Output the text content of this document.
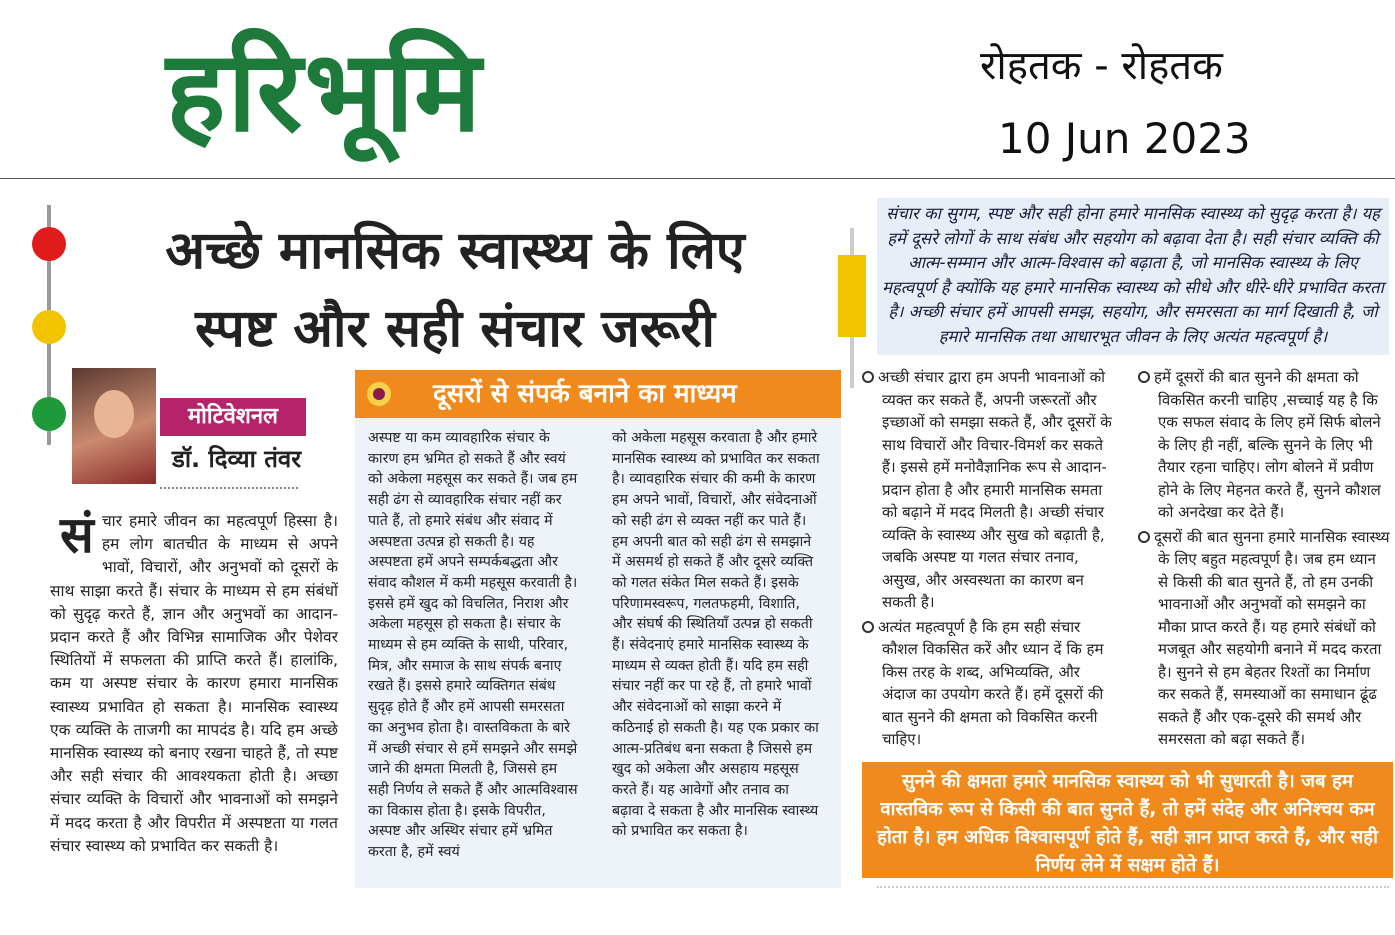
हरिभूमि	रोहतक - रोहतक
10 Jun 2023
अच्छे मानसिक स्वास्थ्य के लिए
स्पष्ट और सही संचार जरूरी
मोटिवेशनल
डॉ. दिव्या तंवर
सं चार हमारे जीवन का महत्वपूर्ण हिस्सा है। हम लोग बातचीत के माध्यम से अपने भावों, विचारों, और अनुभवों को दूसरों के साथ साझा करते हैं। संचार के माध्यम से हम संबंधों को सुदृढ़ करते हैं, ज्ञान और अनुभवों का आदान-प्रदान करते हैं और विभिन्न सामाजिक और पेशेवर स्थितियों में सफलता की प्राप्ति करते हैं। हालांकि, कम या अस्पष्ट संचार के कारण हमारा मानसिक स्वास्थ्य प्रभावित हो सकता है। मानसिक स्वास्थ्य एक व्यक्ति के ताजगी का मापदंड है। यदि हम अच्छे मानसिक स्वास्थ्य को बनाए रखना चाहते हैं, तो स्पष्ट और सही संचार की आवश्यकता होती है। अच्छा संचार व्यक्ति के विचारों और भावनाओं को समझने में मदद करता है और विपरीत में अस्पष्टता या गलत संचार स्वास्थ्य को प्रभावित कर सकती है।
दूसरों से संपर्क बनाने का माध्यम
अस्पष्ट या कम व्यावहारिक संचार के कारण हम भ्रमित हो सकते हैं और स्वयं को अकेला महसूस कर सकते हैं। जब हम सही ढंग से व्यावहारिक संचार नहीं कर पाते हैं, तो हमारे संबंध और संवाद में अस्पष्टता उत्पन्न हो सकती है। यह अस्पष्टता हमें अपने सम्पर्कबद्धता और संवाद कौशल में कमी महसूस करवाती है। इससे हमें खुद को विचलित, निराश और अकेला महसूस हो सकता है। संचार के माध्यम से हम व्यक्ति के साथी, परिवार, मित्र, और समाज के साथ संपर्क बनाए रखते हैं। इससे हमारे व्यक्तिगत संबंध सुदृढ़ होते हैं और हमें आपसी समरसता का अनुभव होता है। वास्तविकता के बारे में अच्छी संचार से हमें समझने और समझे जाने की क्षमता मिलती है, जिससे हम सही निर्णय ले सकते हैं और आत्मविश्वास का विकास होता है। इसके विपरीत, अस्पष्ट और अस्थिर संचार हमें भ्रमित करता है, हमें स्वयं
को अकेला महसूस करवाता है और हमारे मानसिक स्वास्थ्य को प्रभावित कर सकता है। व्यावहारिक संचार की कमी के कारण हम अपने भावों, विचारों, और संवेदनाओं को सही ढंग से व्यक्त नहीं कर पाते हैं। हम अपनी बात को सही ढंग से समझाने में असमर्थ हो सकते हैं और दूसरे व्यक्ति को गलत संकेत मिल सकते हैं। इसके परिणामस्वरूप, गलतफहमी, विशाति, और संघर्ष की स्थितियाँ उत्पन्न हो सकती हैं। संवेदनाएं हमारे मानसिक स्वास्थ्य के माध्यम से व्यक्त होती हैं। यदि हम सही संचार नहीं कर पा रहे हैं, तो हमारे भावों और संवेदनाओं को साझा करने में कठिनाई हो सकती है। यह एक प्रकार का आत्म-प्रतिबंध बना सकता है जिससे हम खुद को अकेला और असहाय महसूस करते हैं। यह आवेगों और तनाव का बढ़ावा दे सकता है और मानसिक स्वास्थ्य को प्रभावित कर सकता है।
संचार का सुगम, स्पष्ट और सही होना हमारे मानसिक स्वास्थ्य को सुदृढ़ करता है। यह हमें दूसरे लोगों के साथ संबंध और सहयोग को बढ़ावा देता है। सही संचार व्यक्ति की आत्म-सम्मान और आत्म-विश्वास को बढ़ाता है, जो मानसिक स्वास्थ्य के लिए महत्वपूर्ण है क्योंकि यह हमारे मानसिक स्वास्थ्य को सीधे और धीरे-धीरे प्रभावित करता है। अच्छी संचार हमें आपसी समझ, सहयोग, और समरसता का मार्ग दिखाती है, जो हमारे मानसिक तथा आधारभूत जीवन के लिए अत्यंत महत्वपूर्ण है।

अच्छी संचार द्वारा हम अपनी भावनाओं को व्यक्त कर सकते हैं, अपनी जरूरतों और इच्छाओं को समझा सकते हैं, और दूसरों के साथ विचारों और विचार-विमर्श कर सकते हैं। इससे हमें मनोवैज्ञानिक रूप से आदान-प्रदान होता है और हमारी मानसिक समता को बढ़ाने में मदद मिलती है। अच्छी संचार व्यक्ति के स्वास्थ्य और सुख को बढ़ाती है, जबकि अस्पष्ट या गलत संचार तनाव, असुख, और अस्वस्थता का कारण बन सकती है।

अत्यंत महत्वपूर्ण है कि हम सही संचार कौशल विकसित करें और ध्यान दें कि हम किस तरह के शब्द, अभिव्यक्ति, और अंदाज का उपयोग करते हैं। हमें दूसरों की बात सुनने की क्षमता को विकसित करनी चाहिए।

हमें दूसरों की बात सुनने की क्षमता को विकसित करनी चाहिए ,सच्चाई यह है कि एक सफल संवाद के लिए हमें सिर्फ बोलने के लिए ही नहीं, बल्कि सुनने के लिए भी तैयार रहना चाहिए। लोग बोलने में प्रवीण होने के लिए मेहनत करते हैं, सुनने कौशल को अनदेखा कर देते हैं।

दूसरों की बात सुनना हमारे मानसिक स्वास्थ्य के लिए बहुत महत्वपूर्ण है। जब हम ध्यान से किसी की बात सुनते हैं, तो हम उनकी भावनाओं और अनुभवों को समझने का मौका प्राप्त करते हैं। यह हमारे संबंधों को मजबूत और सहयोगी बनाने में मदद करता है। सुनने से हम बेहतर रिश्तों का निर्माण कर सकते हैं, समस्याओं का समाधान ढूंढ सकते हैं और एक-दूसरे की समर्थ और समरसता को बढ़ा सकते हैं।

सुनने की क्षमता हमारे मानसिक स्वास्थ्य को भी सुधारती है। जब हम वास्तविक रूप से किसी की बात सुनते हैं, तो हमें संदेह और अनिश्चय कम होता है। हम अधिक विश्वासपूर्ण होते हैं, सही ज्ञान प्राप्त करते हैं, और सही निर्णय लेने में सक्षम होते हैं।
